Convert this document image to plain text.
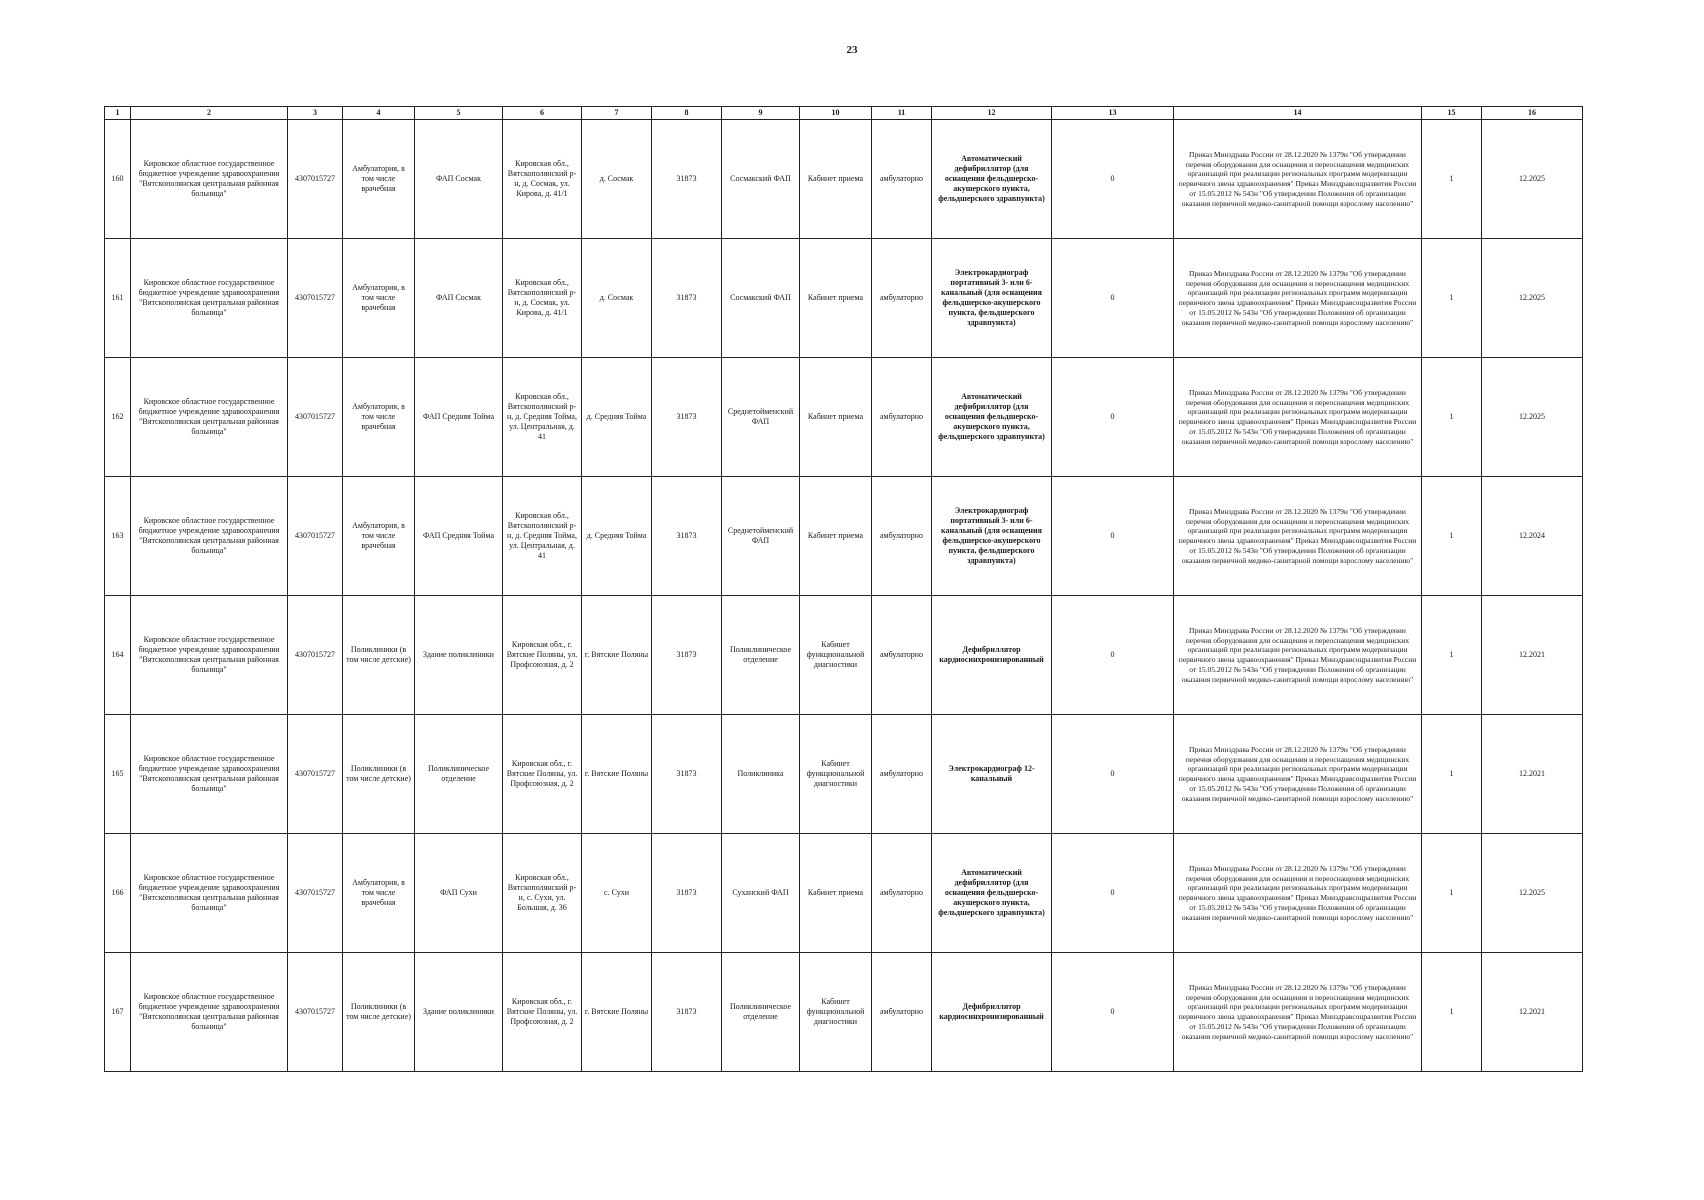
23
1	2	3	4	5	6	7	8	9	10	11	12	13	14	15	16
160	Кировское областное государственное бюджетное учреждение здравоохранения "Вятскополянская центральная районная больница"	4307015727	Амбулатория, в том числе врачебная	ФАП Сосмак	Кировская обл., Вятскополянский р-н, д. Сосмак, ул. Кирова, д. 41/1	д. Сосмак	31873	Сосмакский ФАП	Кабинет приема	амбулаторно	Автоматический дефибриллятор (для оснащения фельдшерско-акушерского пункта, фельдшерского здравпункта)	0	Приказ Минздрава России от 28.12.2020 № 1379н "Об утверждении перечня оборудования для оснащения и переоснащения медицинских организаций при реализации региональных программ модернизации первичного звена здравоохранения" Приказ Минздравсоцразвития России от 15.05.2012 № 543н "Об утверждении Положения об организации оказания первичной медико-санитарной помощи взрослому населению"	1	12.2025
161	Кировское областное государственное бюджетное учреждение здравоохранения "Вятскополянская центральная районная больница"	4307015727	Амбулатория, в том числе врачебная	ФАП Сосмак	Кировская обл., Вятскополянский р-н, д. Сосмак, ул. Кирова, д. 41/1	д. Сосмак	31873	Сосмакский ФАП	Кабинет приема	амбулаторно	Электрокардиограф портативный 3- или 6-канальный (для оснащения фельдшерско-акушерского пункта, фельдшерского здравпункта)	0	Приказ Минздрава России от 28.12.2020 № 1379н "Об утверждении перечня оборудования для оснащения и переоснащения медицинских организаций при реализации региональных программ модернизации первичного звена здравоохранения" Приказ Минздравсоцразвития России от 15.05.2012 № 543н "Об утверждении Положения об организации оказания первичной медико-санитарной помощи взрослому населению"	1	12.2025
162	Кировское областное государственное бюджетное учреждение здравоохранения "Вятскополянская центральная районная больница"	4307015727	Амбулатория, в том числе врачебная	ФАП Средняя Тойма	Кировская обл., Вятскополянский р-н, д. Средняя Тойма, ул. Центральная, д. 41	д. Средняя Тойма	31873	Среднетойменский ФАП	Кабинет приема	амбулаторно	Автоматический дефибриллятор (для оснащения фельдшерско-акушерского пункта, фельдшерского здравпункта)	0	Приказ Минздрава России от 28.12.2020 № 1379н "Об утверждении перечня оборудования для оснащения и переоснащения медицинских организаций при реализации региональных программ модернизации первичного звена здравоохранения" Приказ Минздравсоцразвития России от 15.05.2012 № 543н "Об утверждении Положения об организации оказания первичной медико-санитарной помощи взрослому населению"	1	12.2025
163	Кировское областное государственное бюджетное учреждение здравоохранения "Вятскополянская центральная районная больница"	4307015727	Амбулатория, в том числе врачебная	ФАП Средняя Тойма	Кировская обл., Вятскополянский р-н, д. Средняя Тойма, ул. Центральная, д. 41	д. Средняя Тойма	31873	Среднетойменский ФАП	Кабинет приема	амбулаторно	Электрокардиограф портативный 3- или 6-канальный (для оснащения фельдшерско-акушерского пункта, фельдшерского здравпункта)	0	Приказ Минздрава России от 28.12.2020 № 1379н "Об утверждении перечня оборудования для оснащения и переоснащения медицинских организаций при реализации региональных программ модернизации первичного звена здравоохранения" Приказ Минздравсоцразвития России от 15.05.2012 № 543н "Об утверждении Положения об организации оказания первичной медико-санитарной помощи взрослому населению"	1	12.2024
164	Кировское областное государственное бюджетное учреждение здравоохранения "Вятскополянская центральная районная больница"	4307015727	Поликлиники (в том числе детские)	Здание поликлиники	Кировская обл., г. Вятские Поляны, ул. Профсоюзная, д. 2	г. Вятские Поляны	31873	Поликлиническое отделение	Кабинет функциональной диагностики	амбулаторно	Дефибриллятор кардиосинхронизированный	0	Приказ Минздрава России от 28.12.2020 № 1379н "Об утверждении перечня оборудования для оснащения и переоснащения медицинских организаций при реализации региональных программ модернизации первичного звена здравоохранения" Приказ Минздравсоцразвития России от 15.05.2012 № 543н "Об утверждении Положения об организации оказания первичной медико-санитарной помощи взрослому населению"	1	12.2021
165	Кировское областное государственное бюджетное учреждение здравоохранения "Вятскополянская центральная районная больница"	4307015727	Поликлиники (в том числе детские)	Поликлиническое отделение	Кировская обл., г. Вятские Поляны, ул. Профсоюзная, д. 2	г. Вятские Поляны	31873	Поликлиника	Кабинет функциональной диагностики	амбулаторно	Электрокардиограф 12-канальный	0	Приказ Минздрава России от 28.12.2020 № 1379н "Об утверждении перечня оборудования для оснащения и переоснащения медицинских организаций при реализации региональных программ модернизации первичного звена здравоохранения" Приказ Минздравсоцразвития России от 15.05.2012 № 543н "Об утверждении Положения об организации оказания первичной медико-санитарной помощи взрослому населению"	1	12.2021
166	Кировское областное государственное бюджетное учреждение здравоохранения "Вятскополянская центральная районная больница"	4307015727	Амбулатория, в том числе врачебная	ФАП Сухи	Кировская обл., Вятскополянский р-н, с. Сухи, ул. Большая, д. 36	с. Сухи	31873	Суханский ФАП	Кабинет приема	амбулаторно	Автоматический дефибриллятор (для оснащения фельдшерско-акушерского пункта, фельдшерского здравпункта)	0	Приказ Минздрава России от 28.12.2020 № 1379н "Об утверждении перечня оборудования для оснащения и переоснащения медицинских организаций при реализации региональных программ модернизации первичного звена здравоохранения" Приказ Минздравсоцразвития России от 15.05.2012 № 543н "Об утверждении Положения об организации оказания первичной медико-санитарной помощи взрослому населению"	1	12.2025
167	Кировское областное государственное бюджетное учреждение здравоохранения "Вятскополянская центральная районная больница"	4307015727	Поликлиники (в том числе детские)	Здание поликлиники	Кировская обл., г. Вятские Поляны, ул. Профсоюзная, д. 2	г. Вятские Поляны	31873	Поликлиническое отделение	Кабинет функциональной диагностики	амбулаторно	Дефибриллятор кардиосинхронизированный	0	Приказ Минздрава России от 28.12.2020 № 1379н "Об утверждении перечня оборудования для оснащения и переоснащения медицинских организаций при реализации региональных программ модернизации первичного звена здравоохранения" Приказ Минздравсоцразвития России от 15.05.2012 № 543н "Об утверждении Положения об организации оказания первичной медико-санитарной помощи взрослому населению"	1	12.2021
